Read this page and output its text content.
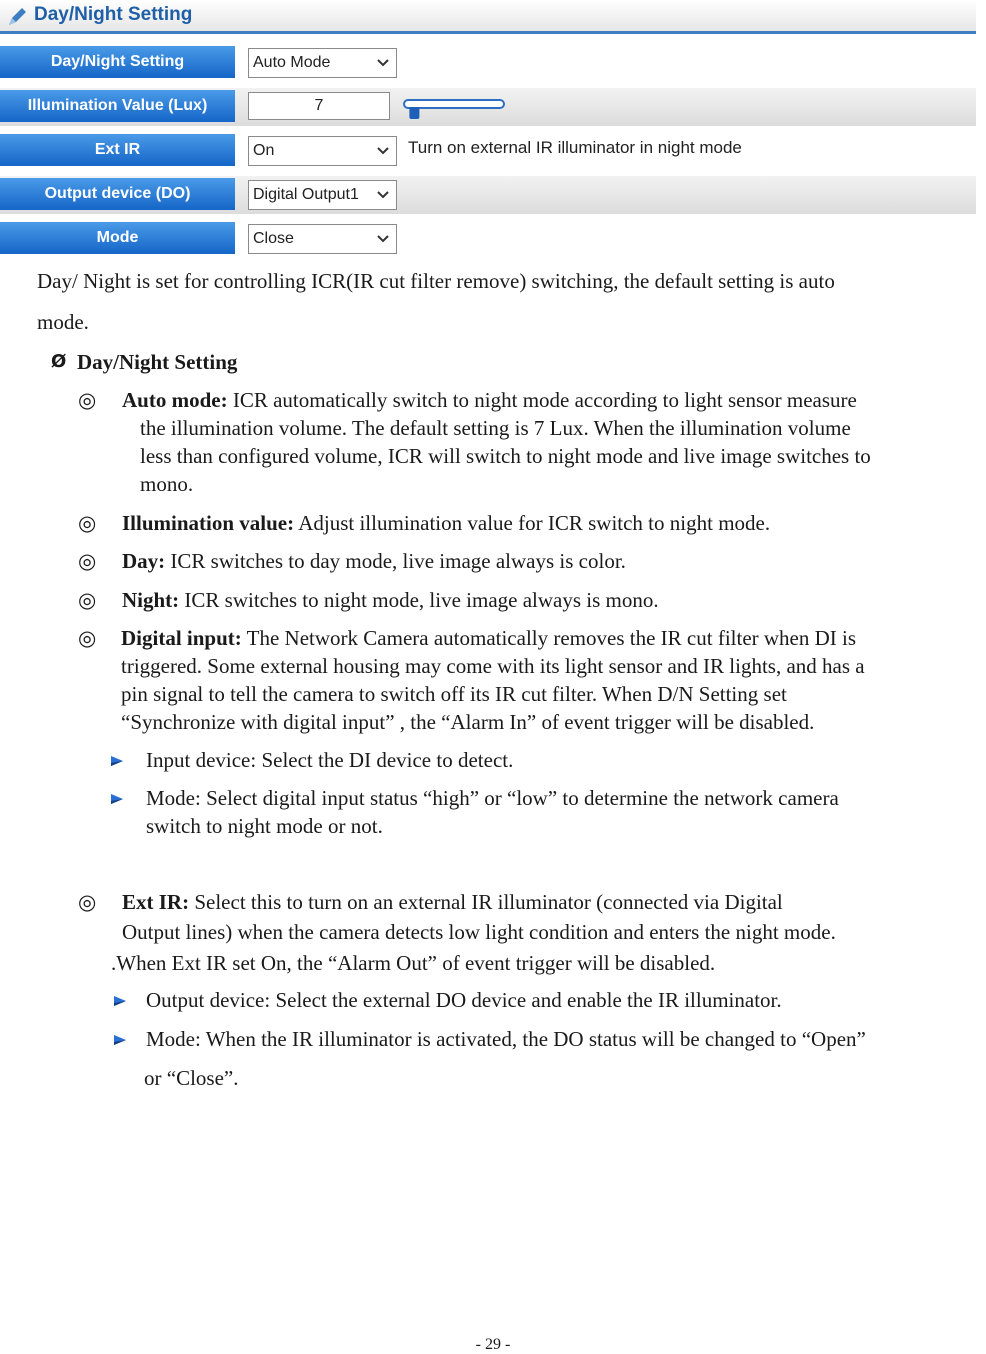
Day/Night Setting
Day/Night Setting	Auto Mode
Illumination Value (Lux)	7
Ext IR	On	Turn on external IR illuminator in night mode
Output device (DO)	Digital Output1
Mode	Close
Day/ Night is set for controlling ICR(IR cut filter remove) switching, the default setting is auto
mode.
Ø Day/Night Setting
◎ Auto mode: ICR automatically switch to night mode according to light sensor measure
the illumination volume. The default setting is 7 Lux. When the illumination volume
less than configured volume, ICR will switch to night mode and live image switches to
mono.
◎ Illumination value: Adjust illumination value for ICR switch to night mode.
◎ Day: ICR switches to day mode, live image always is color.
◎ Night: ICR switches to night mode, live image always is mono.
◎ Digital input: The Network Camera automatically removes the IR cut filter when DI is
triggered. Some external housing may come with its light sensor and IR lights, and has a
pin signal to tell the camera to switch off its IR cut filter. When D/N Setting set
“Synchronize with digital input” , the “Alarm In” of event trigger will be disabled.
Input device: Select the DI device to detect.
Mode: Select digital input status “high” or “low” to determine the network camera
switch to night mode or not.
◎ Ext IR: Select this to turn on an external IR illuminator (connected via Digital
Output lines) when the camera detects low light condition and enters the night mode.
.When Ext IR set On, the “Alarm Out” of event trigger will be disabled.
Output device: Select the external DO device and enable the IR illuminator.
Mode: When the IR illuminator is activated, the DO status will be changed to “Open”
or “Close”.
- 29 -
